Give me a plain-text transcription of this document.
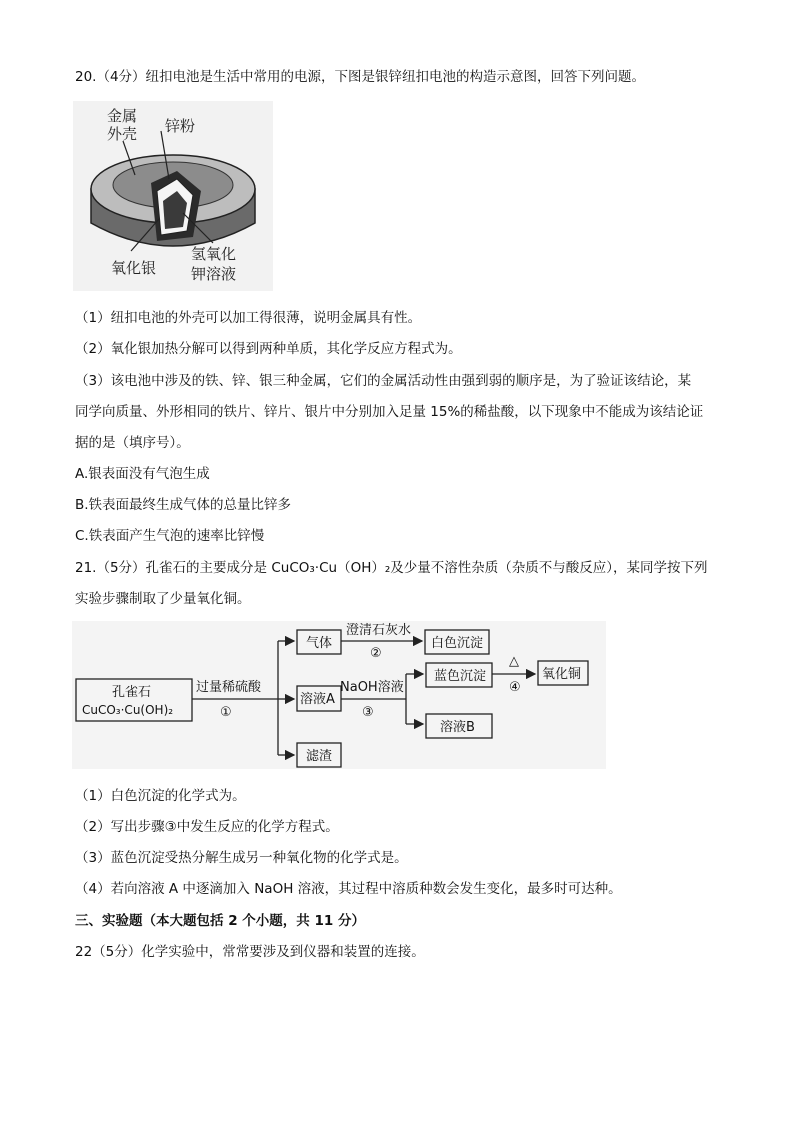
20.（4分）纽扣电池是生活中常用的电源，下图是银锌纽扣电池的构造示意图，回答下列问题。
金属
外壳 锌粉
氧化银
氢氧化
钾溶液
（1）纽扣电池的外壳可以加工得很薄，说明金属具有性。
（2）氧化银加热分解可以得到两种单质，其化学反应方程式为。
（3）该电池中涉及的铁、锌、银三种金属，它们的金属活动性由强到弱的顺序是，为了验证该结论，某
同学向质量、外形相同的铁片、锌片、银片中分别加入足量 15%的稀盐酸，以下现象中不能成为该结论证
据的是（填序号）。
A.银表面没有气泡生成
B.铁表面最终生成气体的总量比锌多
C.铁表面产生气泡的速率比锌慢
21.（5分）孔雀石的主要成分是 CuCO₃·Cu（OH）₂及少量不溶性杂质（杂质不与酸反应），某同学按下列
实验步骤制取了少量氧化铜。
孔雀石
CuCO₃·Cu(OH)₂
过量稀硫酸
①
气体
澄清石灰水
②
白色沉淀
溶液A
NaOH溶液
③
蓝色沉淀
△
④
氧化铜
溶液B
滤渣
（1）白色沉淀的化学式为。
（2）写出步骤③中发生反应的化学方程式。
（3）蓝色沉淀受热分解生成另一种氧化物的化学式是。
（4）若向溶液 A 中逐滴加入 NaOH 溶液，其过程中溶质种数会发生变化，最多时可达种。
三、实验题（本大题包括 2 个小题，共 11 分）
22（5分）化学实验中，常常要涉及到仪器和装置的连接。
